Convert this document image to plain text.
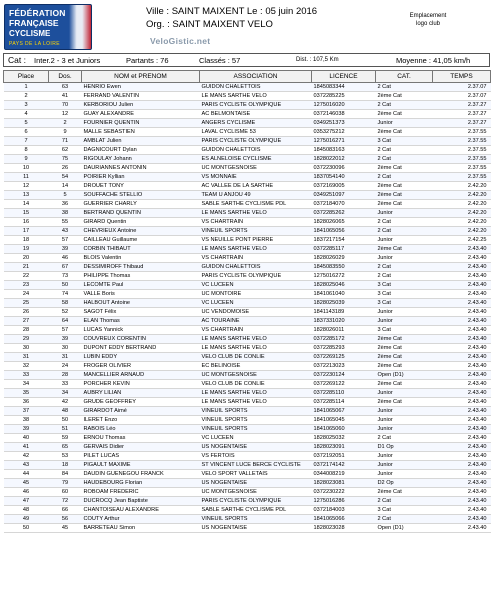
FÉDÉRATION
FRANÇAISE
CYCLISME
PAYS DE LA LOIRE
Ville : SAINT MAIXENT Le : 05 juin 2016
Org. : SAINT MAIXENT VELO
VeloGistic.net
Emplacement
logo club
Cat : Inter.2 - 3 et Juniors	Partants : 76	Classés : 57	Dist. : 107,5 Km	Moyenne : 41,05 km/h
Place	Dos.	NOM et PRENOM	ASSOCIATION	LICENCE	CAT.	TEMPS
1	63	HENRIO Ewen	GUIDON CHALETTOIS	1845083344	2 Cat	2.37.07
2	41	FERRAND VALENTIN	LE MANS SARTHE VELO	0372285225	2ème Cat	2.37.07
3	70	KERBORIOU Julien	PARIS CYCLISTE OLYMPIQUE	1275016020	2 Cat	2.37.27
4	12	GUAY ALEXANDRE	AC BELMONTAISE	0372146038	2ème Cat	2.37.27
5	2	FOURNIER QUENTIN	ANGERS CYCLISME	0349251373	Junior	2.37.27
6	9	MALLE SEBASTIEN	LAVAL CYCLISME 53	0353275212	2ème Cat	2.37.55
7	71	AMBLAT Julien	PARIS CYCLISTE OLYMPIQUE	1275016271	3 Cat	2.37.55
8	62	DAGNICOURT Dylan	GUIDON CHALETTOIS	1845083163	2 Cat	2.37.55
9	75	RIGOULAY Johann	ES ALNELOISE CYCLISME	1828022012	2 Cat	2.37.55
10	26	DAURIANNES ANTONIN	UC MONTGESNOISE	0372230096	2ème Cat	2.37.55
11	54	POIRIER Kyllian	VS MONNAIE	1837054140	2 Cat	2.37.55
12	14	DROUET TONY	AC VALLEE DE LA SARTHE	0372169005	2ème Cat	2.42.20
13	5	SOUFFACHE STELLIO	TEAM U ANJOU 49	0349251097	2ème Cat	2.42.20
14	36	GUERRIER CHARLY	SABLE SARTHE CYCLISME PDL	0372184070	2ème Cat	2.42.20
15	38	BERTRAND QUENTIN	LE MANS SARTHE VELO	0372285262	Junior	2.42.20
16	55	GIRARD Quentin	VS CHARTRAIN	1828026065	2 Cat	2.42.20
17	43	CHEVRIEUX Antoine	VINEUIL SPORTS	1841065056	2 Cat	2.42.20
18	57	CAILLEAU Guillaume	VS NEUILLE PONT PIERRE	1837217154	Junior	2.42.25
19	39	CORBIN THIBAUT	LE MANS SARTHE VELO	0372285117	2ème Cat	2.43.40
20	46	BLOIS Valentin	VS CHARTRAIN	1828026029	Junior	2.43.40
21	67	DESSIMIROFF Thibaud	GUIDON CHALETTOIS	1845083550	2 Cat	2.43.40
22	73	PHILIPPE Thomas	PARIS CYCLISTE OLYMPIQUE	1275016272	2 Cat	2.43.40
23	50	LECOMTE Paul	VC LUCEEN	1828025046	3 Cat	2.43.40
24	74	VALLE Boris	UC MONTOIRE	1841061040	3 Cat	2.43.40
25	58	HALBOUT Antoine	VC LUCEEN	1828025039	3 Cat	2.43.40
26	52	SAGOT Félix	UC VENDOMOISE	1841143189	Junior	2.43.40
27	64	ELAN Thomas	AC TOURAINE	1837331020	Junior	2.43.40
28	57	LUCAS Yannick	VS CHARTRAIN	1828026011	3 Cat	2.43.40
29	39	COUVREUX CORENTIN	LE MANS SARTHE VELO	0372285172	2ème Cat	2.43.40
30	30	DUPONT EDDY BERTRAND	LE MANS SARTHE VELO	0372285293	2ème Cat	2.43.40
31	31	LUBIN EDDY	VELO CLUB DE CONLIE	0372269125	2ème Cat	2.43.40
32	24	FROGER OLIVIER	EC BELINOISE	0372213023	2ème Cat	2.43.40
33	28	MANCELLIER ARNAUD	UC MONTGESNOISE	0372230124	Open (D1)	2.43.40
34	33	PORCHER KEVIN	VELO CLUB DE CONLIE	0372269122	2ème Cat	2.43.40
35	34	AUBRY LILIAN	LE MANS SARTHE VELO	0372285110	Junior	2.43.40
36	42	GRUDE GEOFFREY	LE MANS SARTHE VELO	0372285114	2ème Cat	2.43.40
37	48	GIRARDOT Aimé	VINEUIL SPORTS	1841065067	Junior	2.43.40
38	50	ILERET Enzo	VINEUIL SPORTS	1841065045	Junior	2.43.40
39	51	RABOIS Léo	VINEUIL SPORTS	1841065060	Junior	2.43.40
40	59	ERNOU Thomas	VC LUCEEN	1828025032	2 Cat	2.43.40
41	65	GERVAIS Didier	US NOGENTAISE	1828023091	D1 Op	2.43.40
42	53	PILET LUCAS	VS FERTOIS	0372192051	Junior	2.43.40
43	18	PIGAULT MAXIME	ST VINCENT LUCE BERCE CYCLISTE	0372174142	Junior	2.43.40
44	84	DAUDIN GUENEGOU FRANCK	VELO SPORT VALLETAIS	0344008219	Junior	2.43.40
45	79	HAUDEBOURG Florian	US NOGENTAISE	1828023081	D2 Op	2.43.40
46	60	ROBOAM FREDERIC	UC MONTGESNOISE	0372230222	2ème Cat	2.43.40
47	72	DUCROCQ Jean Baptiste	PARIS CYCLISTE OLYMPIQUE	1275016286	2 Cat	2.43.40
48	66	CHANTOISEAU ALEXANDRE	SABLE SARTHE CYCLISME PDL	0372184003	3 Cat	2.43.40
49	56	COUTY Arthur	VINEUIL SPORTS	1841065066	2 Cat	2.43.40
50	45	BARRETEAU Simon	US NOGENTAISE	1828023028	Open (D1)	2.43.40
